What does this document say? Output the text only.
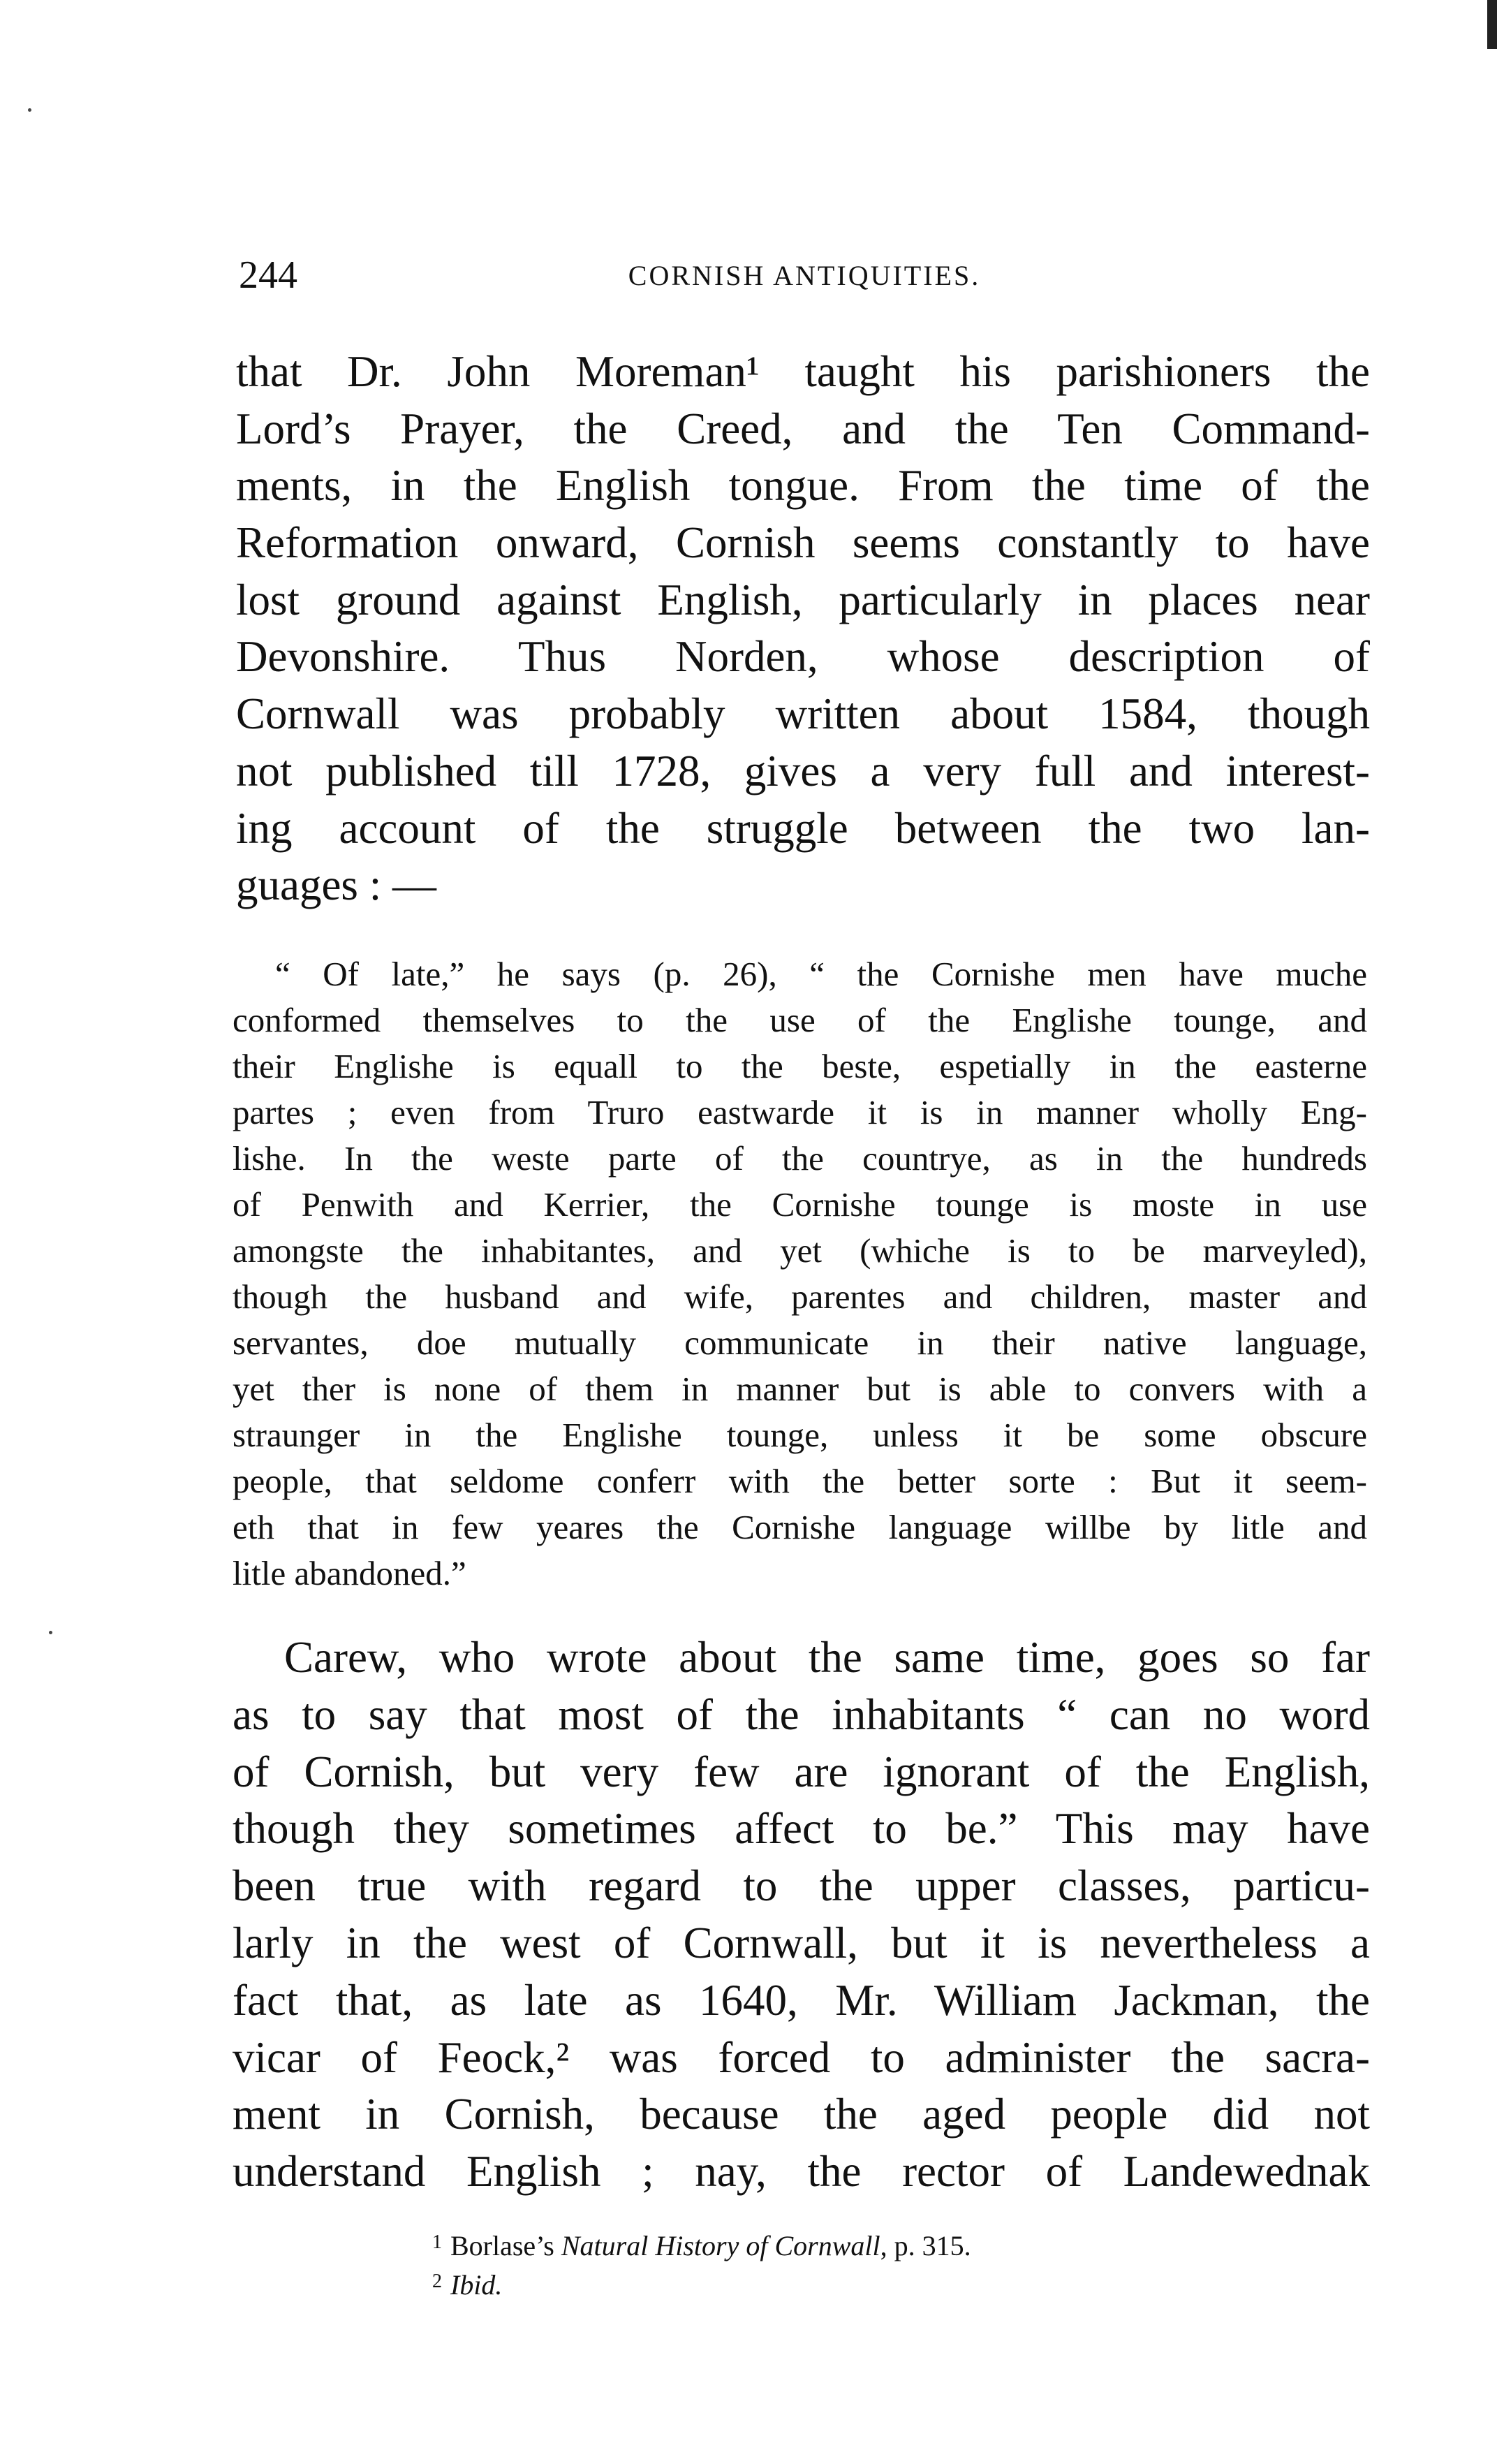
244	CORNISH ANTIQUITIES.
that Dr. John Moreman¹ taught his parishioners the
Lord’s Prayer, the Creed, and the Ten Command-
ments, in the English tongue. From the time of the
Reformation onward, Cornish seems constantly to have
lost ground against English, particularly in places near
Devonshire. Thus Norden, whose description of
Cornwall was probably written about 1584, though
not published till 1728, gives a very full and interest-
ing account of the struggle between the two lan-
guages : —
“ Of late,” he says (p. 26), “ the Cornishe men have muche
conformed themselves to the use of the Englishe tounge, and
their Englishe is equall to the beste, espetially in the easterne
partes ; even from Truro eastwarde it is in manner wholly Eng-
lishe. In the weste parte of the countrye, as in the hundreds
of Penwith and Kerrier, the Cornishe tounge is moste in use
amongste the inhabitantes, and yet (whiche is to be marveyled),
though the husband and wife, parentes and children, master and
servantes, doe mutually communicate in their native language,
yet ther is none of them in manner but is able to convers with a
straunger in the Englishe tounge, unless it be some obscure
people, that seldome conferr with the better sorte : But it seem-
eth that in few yeares the Cornishe language willbe by litle and
litle abandoned.”
Carew, who wrote about the same time, goes so far
as to say that most of the inhabitants “ can no word
of Cornish, but very few are ignorant of the English,
though they sometimes affect to be.” This may have
been true with regard to the upper classes, particu-
larly in the west of Cornwall, but it is nevertheless a
fact that, as late as 1640, Mr. William Jackman, the
vicar of Feock,² was forced to administer the sacra-
ment in Cornish, because the aged people did not
understand English ; nay, the rector of Landewednak
$^1$ Borlase’s Natural History of Cornwall, p. 315.
$^2$ Ibid.
